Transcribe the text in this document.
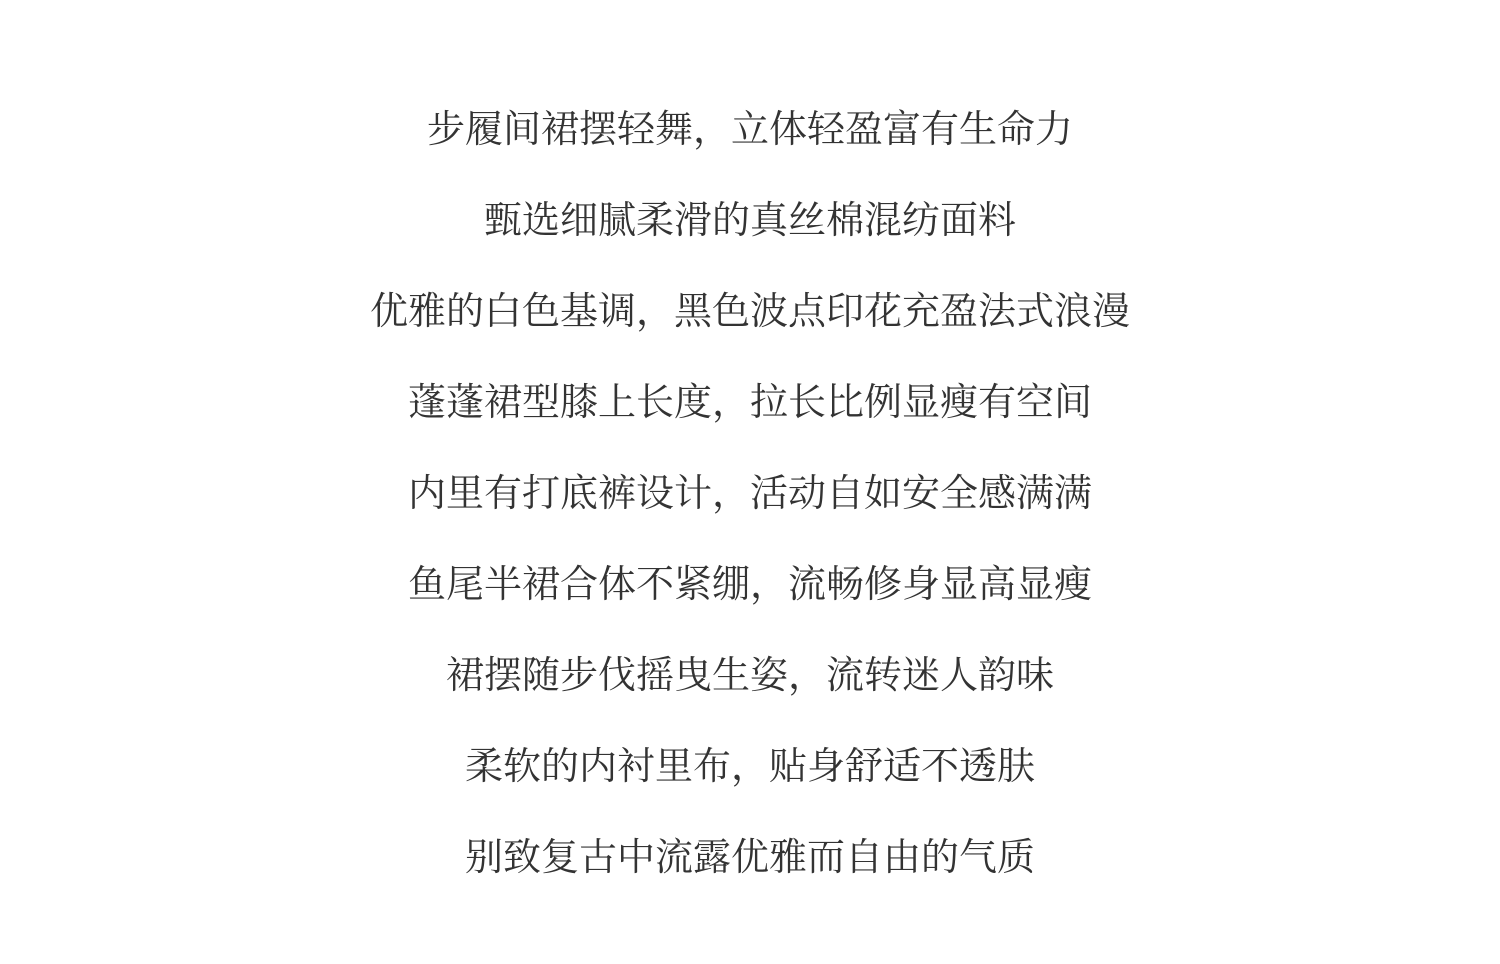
步履间裙摆轻舞，立体轻盈富有生命力
甄选细腻柔滑的真丝棉混纺面料
优雅的白色基调，黑色波点印花充盈法式浪漫
蓬蓬裙型膝上长度，拉长比例显瘦有空间
内里有打底裤设计，活动自如安全感满满
鱼尾半裙合体不紧绷，流畅修身显高显瘦
裙摆随步伐摇曳生姿，流转迷人韵味
柔软的内衬里布，贴身舒适不透肤
别致复古中流露优雅而自由的气质
